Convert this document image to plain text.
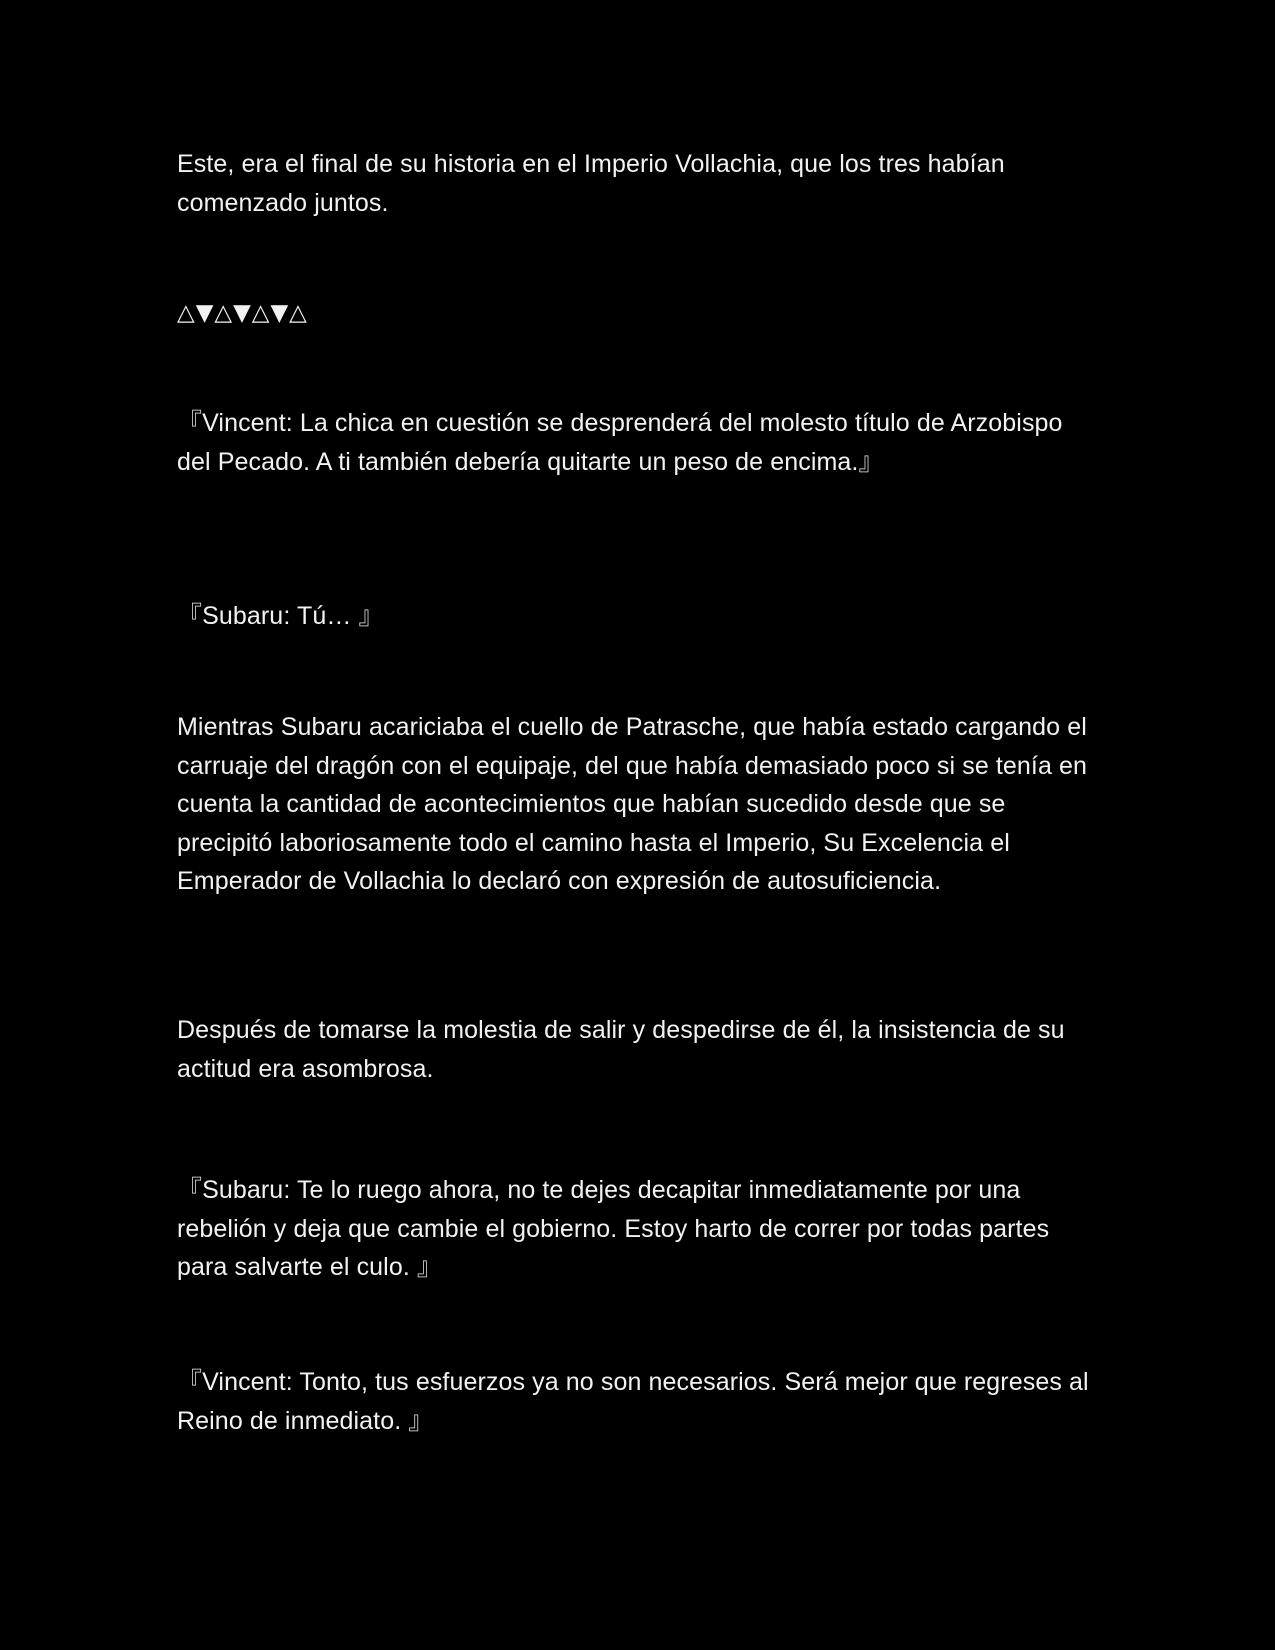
Este, era el final de su historia en el Imperio Vollachia, que los tres habían comenzado juntos.

△▼△▼△▼△

『Vincent: La chica en cuestión se desprenderá del molesto título de Arzobispo del Pecado. A ti también debería quitarte un peso de encima.』

『Subaru: Tú… 』

Mientras Subaru acariciaba el cuello de Patrasche, que había estado cargando el carruaje del dragón con el equipaje, del que había demasiado poco si se tenía en cuenta la cantidad de acontecimientos que habían sucedido desde que se precipitó laboriosamente todo el camino hasta el Imperio, Su Excelencia el Emperador de Vollachia lo declaró con expresión de autosuficiencia.

Después de tomarse la molestia de salir y despedirse de él, la insistencia de su actitud era asombrosa.

『Subaru: Te lo ruego ahora, no te dejes decapitar inmediatamente por una rebelión y deja que cambie el gobierno. Estoy harto de correr por todas partes para salvarte el culo. 』

『Vincent: Tonto, tus esfuerzos ya no son necesarios. Será mejor que regreses al Reino de inmediato. 』
